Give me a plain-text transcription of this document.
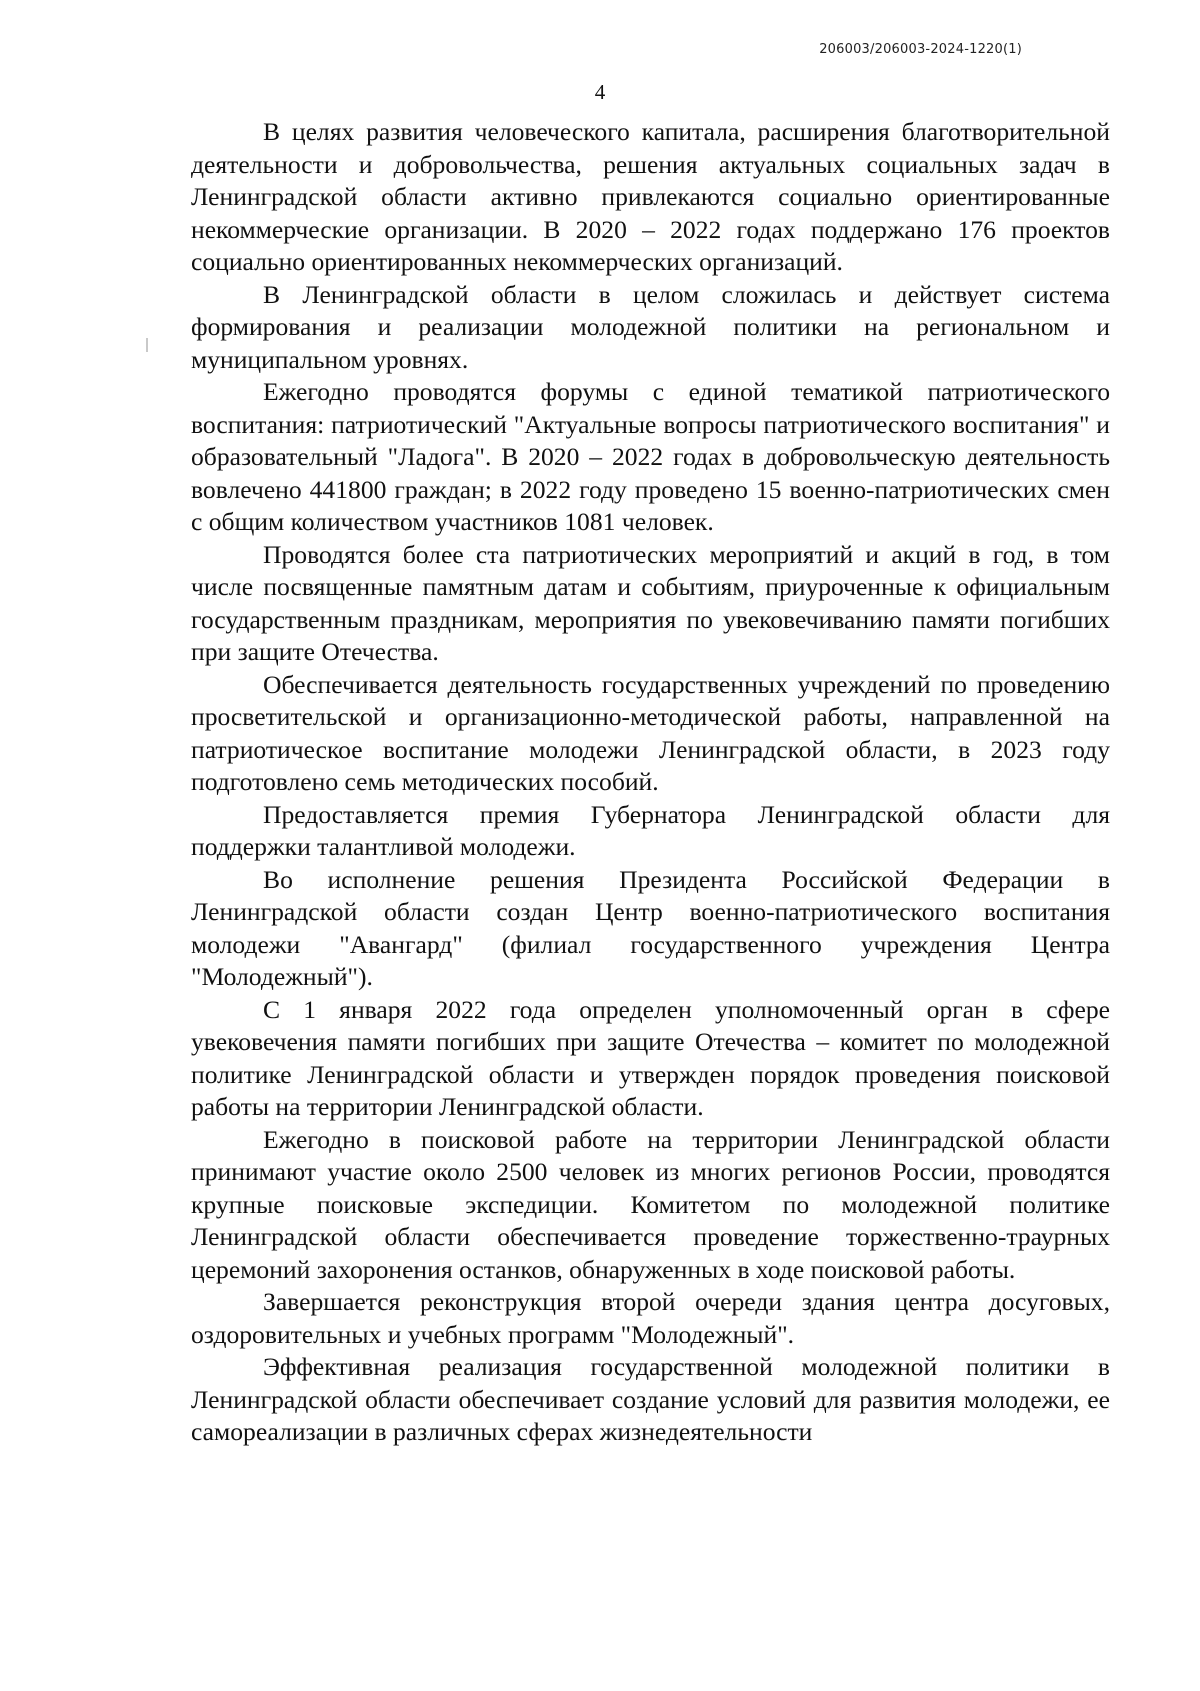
206003/206003-2024-1220(1)
4

В целях развития человеческого капитала, расширения благотворительной деятельности и добровольчества, решения актуальных социальных задач в Ленинградской области активно привлекаются социально ориентированные некоммерческие организации. В 2020 – 2022 годах поддержано 176 проектов социально ориентированных некоммерческих организаций.

В Ленинградской области в целом сложилась и действует система формирования и реализации молодежной политики на региональном и муниципальном уровнях.

Ежегодно проводятся форумы с единой тематикой патриотического воспитания: патриотический "Актуальные вопросы патриотического воспитания" и образовательный "Ладога". В 2020 – 2022 годах в добровольческую деятельность вовлечено 441800 граждан; в 2022 году проведено 15 военно-патриотических смен с общим количеством участников 1081 человек.

Проводятся более ста патриотических мероприятий и акций в год, в том числе посвященные памятным датам и событиям, приуроченные к официальным государственным праздникам, мероприятия по увековечиванию памяти погибших при защите Отечества.

Обеспечивается деятельность государственных учреждений по проведению просветительской и организационно-методической работы, направленной на патриотическое воспитание молодежи Ленинградской области, в 2023 году подготовлено семь методических пособий.

Предоставляется премия Губернатора Ленинградской области для поддержки талантливой молодежи.

Во исполнение решения Президента Российской Федерации в Ленинградской области создан Центр военно-патриотического воспитания молодежи "Авангард" (филиал государственного учреждения Центра "Молодежный").

С 1 января 2022 года определен уполномоченный орган в сфере увековечения памяти погибших при защите Отечества – комитет по молодежной политике Ленинградской области и утвержден порядок проведения поисковой работы на территории Ленинградской области.

Ежегодно в поисковой работе на территории Ленинградской области принимают участие около 2500 человек из многих регионов России, проводятся крупные поисковые экспедиции. Комитетом по молодежной политике Ленинградской области обеспечивается проведение торжественно-траурных церемоний захоронения останков, обнаруженных в ходе поисковой работы.

Завершается реконструкция второй очереди здания центра досуговых, оздоровительных и учебных программ "Молодежный".

Эффективная реализация государственной молодежной политики в Ленинградской области обеспечивает создание условий для развития молодежи, ее самореализации в различных сферах жизнедеятельности
